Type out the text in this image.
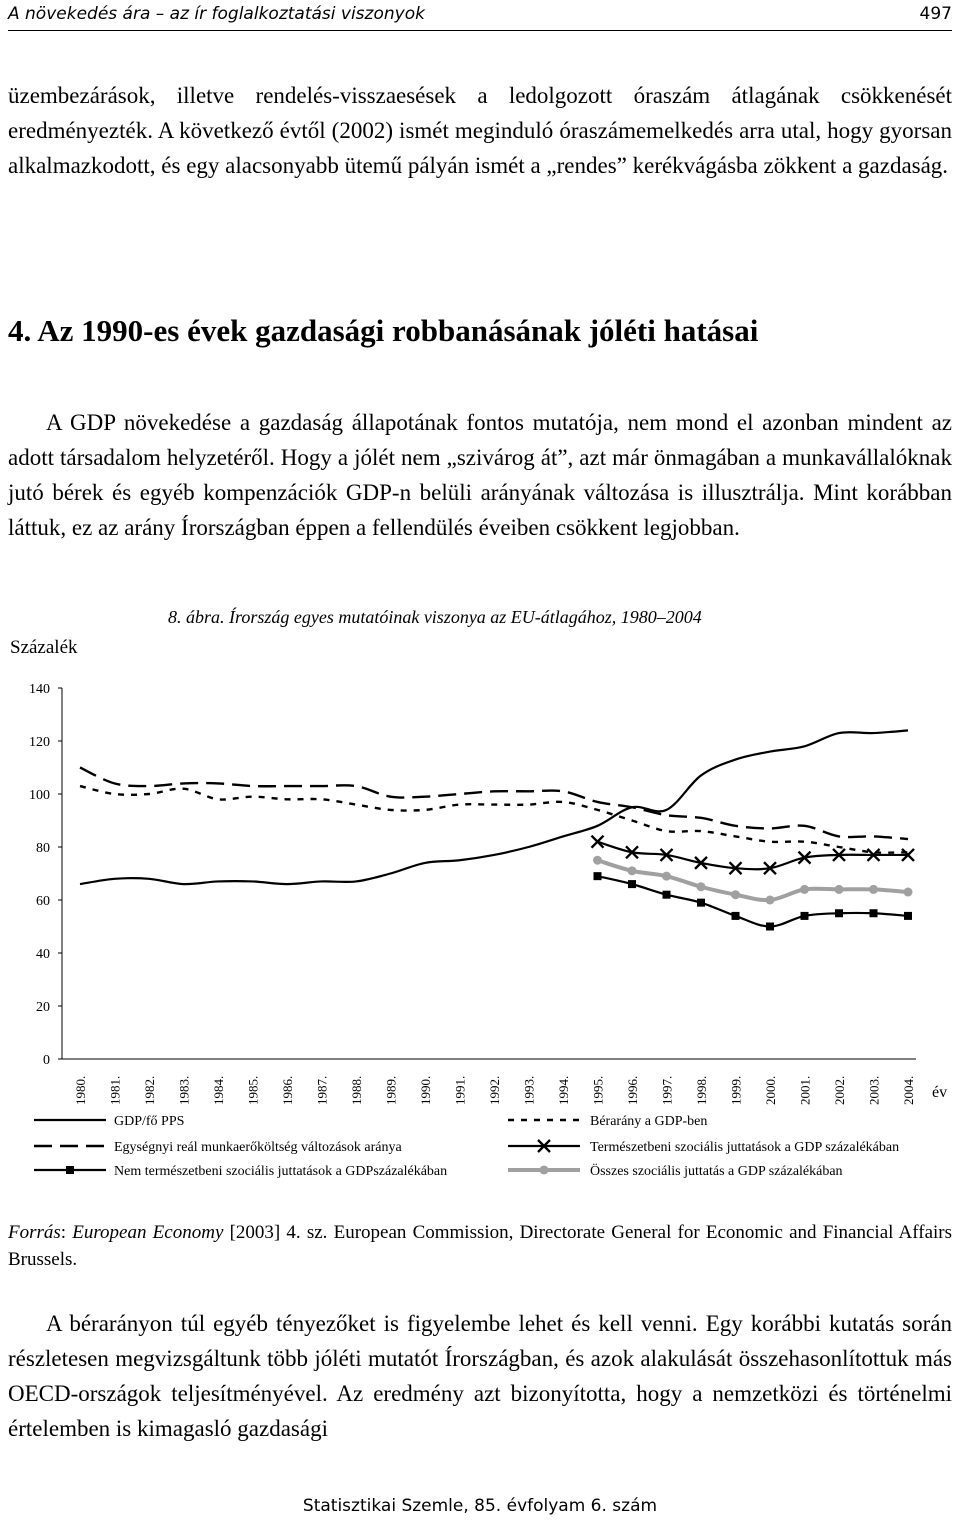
A növekedés ára – az ír foglalkoztatási viszonyok	497
üzembezárások, illetve rendelés-visszaesések a ledolgozott óraszám átlagának csökkenését eredményezték. A következő évtől (2002) ismét meginduló óraszámemelkedés arra utal, hogy gyorsan alkalmazkodott, és egy alacsonyabb ütemű pályán ismét a „rendes” kerékvágásba zökkent a gazdaság.
4. Az 1990-es évek gazdasági robbanásának jóléti hatásai
A GDP növekedése a gazdaság állapotának fontos mutatója, nem mond el azonban mindent az adott társadalom helyzetéről. Hogy a jólét nem „szivárog át”, azt már önmagában a munkavállalóknak jutó bérek és egyéb kompenzációk GDP-n belüli arányának változása is illusztrálja. Mint korábban láttuk, ez az arány Írországban éppen a fellendülés éveiben csökkent legjobban.
8. ábra. Írország egyes mutatóinak viszonya az EU-átlagához, 1980–2004
Százalék
0
20
40
60
80
100
120
140
1980. 1981. 1982. 1983. 1984. 1985. 1986. 1987. 1988. 1989. 1990. 1991. 1992. 1993. 1994. 1995. 1996. 1997. 1998. 1999. 2000. 2001. 2002. 2003. 2004. év
GDP/fő PPS	Bérarány a GDP-ben
Egységnyi reál munkaerőköltség változások aránya	Természetbeni szociális juttatások a GDP százalékában
Nem természetbeni szociális juttatások a GDPszázalékában	Összes szociális juttatás a GDP százalékában
Forrás: European Economy [2003] 4. sz. European Commission, Directorate General for Economic and Financial Affairs Brussels.
A bérarányon túl egyéb tényezőket is figyelembe lehet és kell venni. Egy korábbi kutatás során részletesen megvizsgáltunk több jóléti mutatót Írországban, és azok alakulását összehasonlítottuk más OECD-országok teljesítményével. Az eredmény azt bizonyította, hogy a nemzetközi és történelmi értelemben is kimagasló gazdasági
Statisztikai Szemle, 85. évfolyam 6. szám
